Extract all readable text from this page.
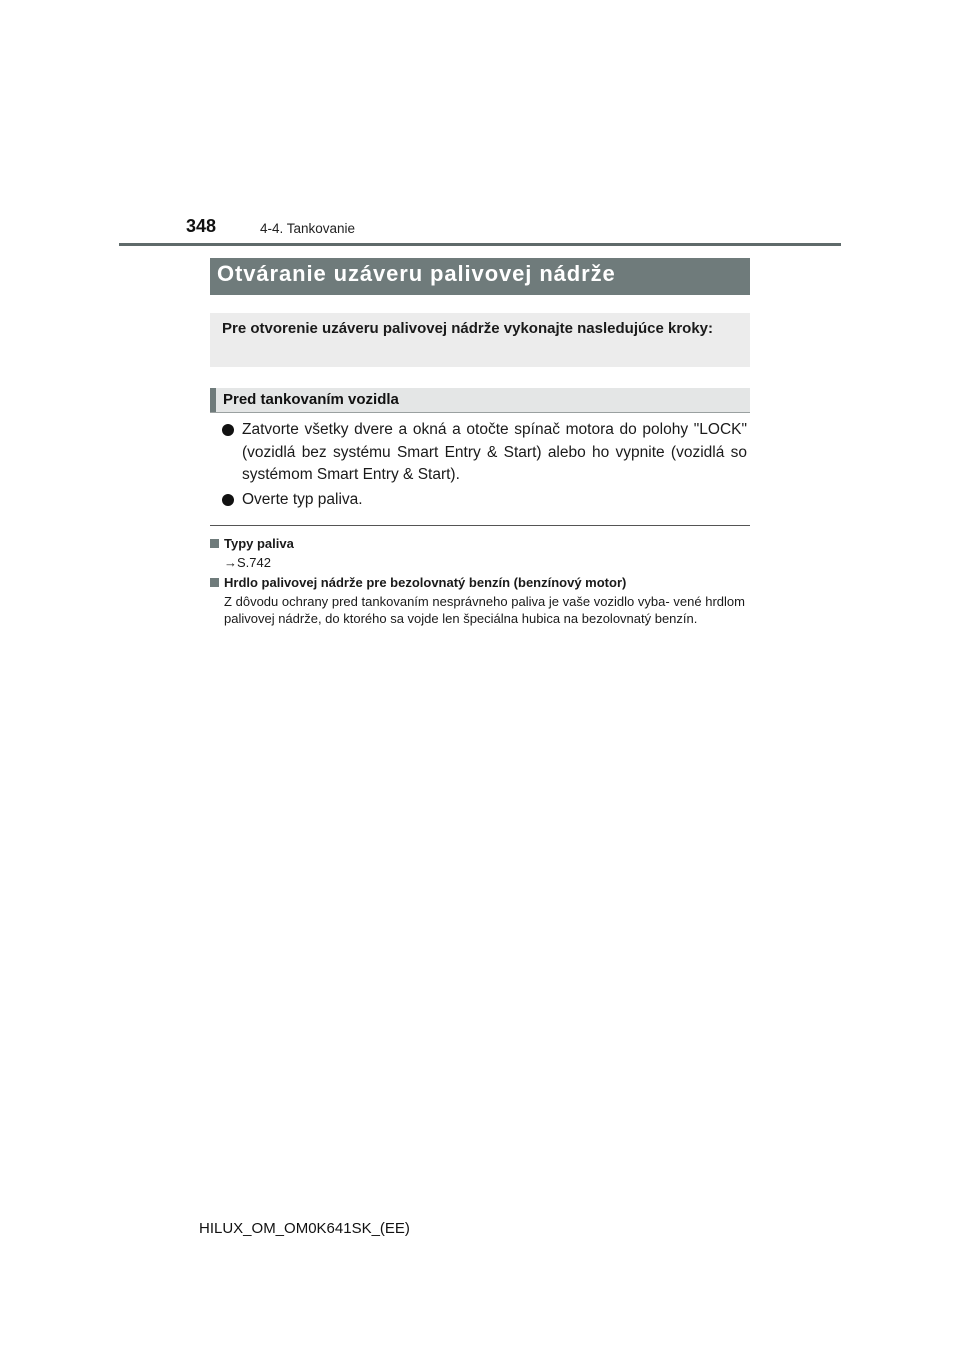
348	4-4. Tankovanie
Otváranie uzáveru palivovej nádrže
Pre otvorenie uzáveru palivovej nádrže vykonajte nasledujúce kroky:
Pred tankovaním vozidla
Zatvorte všetky dvere a okná a otočte spínač motora do polohy "LOCK" (vozidlá bez systému Smart Entry & Start) alebo ho vypnite (vozidlá so systémom Smart Entry & Start).
Overte typ paliva.
Typy paliva
→S.742
Hrdlo palivovej nádrže pre bezolovnatý benzín (benzínový motor)
Z dôvodu ochrany pred tankovaním nesprávneho paliva je vaše vozidlo vyba- vené hrdlom palivovej nádrže, do ktorého sa vojde len špeciálna hubica na bezolovnatý benzín.
HILUX_OM_OM0K641SK_(EE)
